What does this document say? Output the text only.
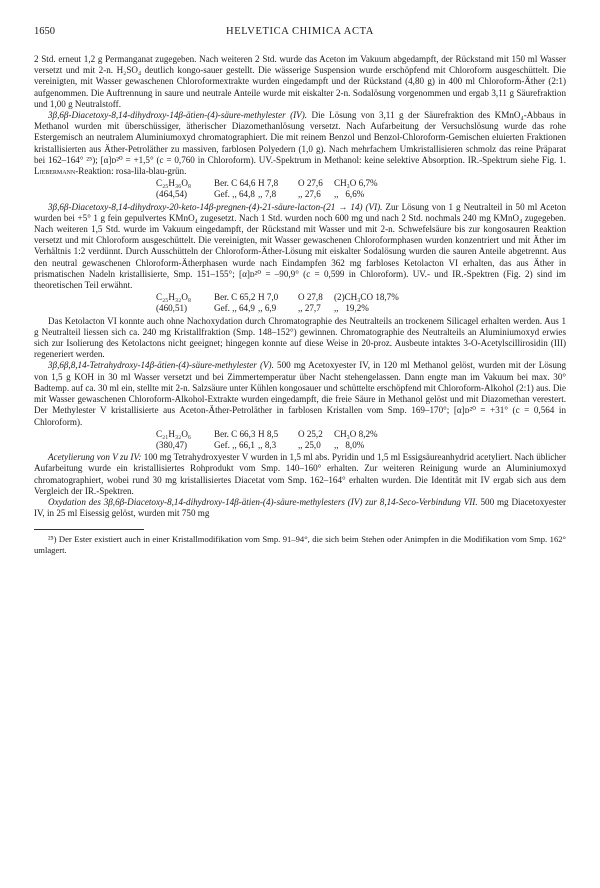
1650	HELVETICA CHIMICA ACTA

2 Std. erneut 1,2 g Permanganat zugegeben. Nach weiteren 2 Std. wurde das Aceton im Vakuum abgedampft, der Rückstand mit 150 ml Wasser versetzt und mit 2-n. H₂SO₄ deutlich kongo-sauer gestellt. Die wässerige Suspension wurde erschöpfend mit Chloroform ausgeschüttelt. Die vereinigten, mit Wasser gewaschenen Chloroformextrakte wurden eingedampft und der Rückstand (4,80 g) in 400 ml Chloroform-Äther (2:1) aufgenommen. Die Auftrennung in saure und neutrale Anteile wurde mit eiskalter 2-n. Sodalösung vorgenommen und ergab 3,11 g Säurefraktion und 1,00 g Neutralstoff.

3β,6β-Diacetoxy-8,14-dihydroxy-14β-ätien-(4)-säure-methylester (IV). Die Lösung von 3,11 g der Säurefraktion des KMnO₄-Abbaus in Methanol wurden mit überschüssiger, ätherischer Diazomethanlösung versetzt. Nach Aufarbeitung der Versuchslösung wurde das rohe Estergemisch an neutralem Aluminiumoxyd chromatographiert. Die mit reinem Benzol und Benzol-Chloroform-Gemischen eluierten Fraktionen kristallisierten aus Äther-Petroläther zu massiven, farblosen Polyedern (1,0 g). Nach mehrfachem Umkristallisieren schmolz das reine Präparat bei 162–164° ²⁵); [α]ᴅ²⁰ = +1,5° (c = 0,760 in Chloroform). UV.-Spektrum in Methanol: keine selektive Absorption. IR.-Spektrum siehe Fig. 1. Liebermann-Reaktion: rosa-lila-blau-grün.

C₂₅H₃₆O₈	Ber. C 64,6 H 7,8	O 27,6	CH₃O 6,7%
(464,54)	Gef. ,, 64,8 ,, 7,8	,, 27,6	,,   6,6%

3β,6β-Diacetoxy-8,14-dihydroxy-20-keto-14β-pregnen-(4)-21-säure-lacton-(21 → 14) (VI). Zur Lösung von 1 g Neutralteil in 50 ml Aceton wurden bei +5° 1 g fein gepulvertes KMnO₄ zugesetzt. Nach 1 Std. wurden noch 600 mg und nach 2 Std. nochmals 240 mg KMnO₄ zugegeben. Nach weiteren 1,5 Std. wurde im Vakuum eingedampft, der Rückstand mit Wasser und mit 2-n. Schwefelsäure bis zur kongosauren Reaktion versetzt und mit Chloroform ausgeschüttelt. Die vereinigten, mit Wasser gewaschenen Chloroformphasen wurden konzentriert und mit Äther im Verhältnis 1:2 verdünnt. Durch Ausschütteln der Chloroform-Äther-Lösung mit eiskalter Sodalösung wurden die sauren Anteile abgetrennt. Aus den neutral gewaschenen Chloroform-Ätherphasen wurde nach Eindampfen 362 mg farbloses Ketolacton VI erhalten, das aus Äther in prismatischen Nadeln kristallisierte, Smp. 151–155°; [α]ᴅ²⁰ = –90,9° (c = 0,599 in Chloroform). UV.- und IR.-Spektren (Fig. 2) sind im theoretischen Teil erwähnt.

C₂₅H₃₂O₈	Ber. C 65,2 H 7,0	O 27,8	(2)CH₃CO 18,7%
(460,51)	Gef. ,, 64,9 ,, 6,9	,, 27,7	,,   19,2%

Das Ketolacton VI konnte auch ohne Nachoxydation durch Chromatographie des Neutralteils an trockenem Silicagel erhalten werden. Aus 1 g Neutralteil liessen sich ca. 240 mg Kristallfraktion (Smp. 148–152°) gewinnen. Chromatographie des Neutralteils an Aluminiumoxyd erwies sich zur Isolierung des Ketolactons nicht geeignet; hingegen konnte auf diese Weise in 20-proz. Ausbeute intaktes 3-O-Acetylscillirosidin (III) regeneriert werden.

3β,6β,8,14-Tetrahydroxy-14β-ätien-(4)-säure-methylester (V). 500 mg Acetoxyester IV, in 120 ml Methanol gelöst, wurden mit der Lösung von 1,5 g KOH in 30 ml Wasser versetzt und bei Zimmertemperatur über Nacht stehengelassen. Dann engte man im Vakuum bei max. 30° Badtemp. auf ca. 30 ml ein, stellte mit 2-n. Salzsäure unter Kühlen kongosauer und schüttelte erschöpfend mit Chloroform-Alkohol (2:1) aus. Die mit Wasser gewaschenen Chloroform-Alkohol-Extrakte wurden eingedampft, die freie Säure in Methanol gelöst und mit Diazomethan verestert. Der Methylester V kristallisierte aus Aceton-Äther-Petroläther in farblosen Kristallen vom Smp. 169–170°; [α]ᴅ²⁰ = +31° (c = 0,564 in Chloroform).

C₂₁H₃₂O₆	Ber. C 66,3 H 8,5	O 25,2	CH₃O 8,2%
(380,47)	Gef. ,, 66,1 ,, 8,3	,, 25,0	,,   8,0%

Acetylierung von V zu IV: 100 mg Tetrahydroxyester V wurden in 1,5 ml abs. Pyridin und 1,5 ml Essigsäureanhydrid acetyliert. Nach üblicher Aufarbeitung wurde ein kristallisiertes Rohprodukt vom Smp. 140–160° erhalten. Zur weiteren Reinigung wurde an Aluminiumoxyd chromatographiert, wobei rund 30 mg kristallisiertes Diacetat vom Smp. 162–164° erhalten wurden. Die Identität mit IV ergab sich aus dem Vergleich der IR.-Spektren.

Oxydation des 3β,6β-Diacetoxy-8,14-dihydroxy-14β-ätien-(4)-säure-methylesters (IV) zur 8,14-Seco-Verbindung VII. 500 mg Diacetoxyester IV, in 25 ml Eisessig gelöst, wurden mit 750 mg

²⁵) Der Ester existiert auch in einer Kristallmodifikation vom Smp. 91–94°, die sich beim Stehen oder Animpfen in die Modifikation vom Smp. 162° umlagert.
